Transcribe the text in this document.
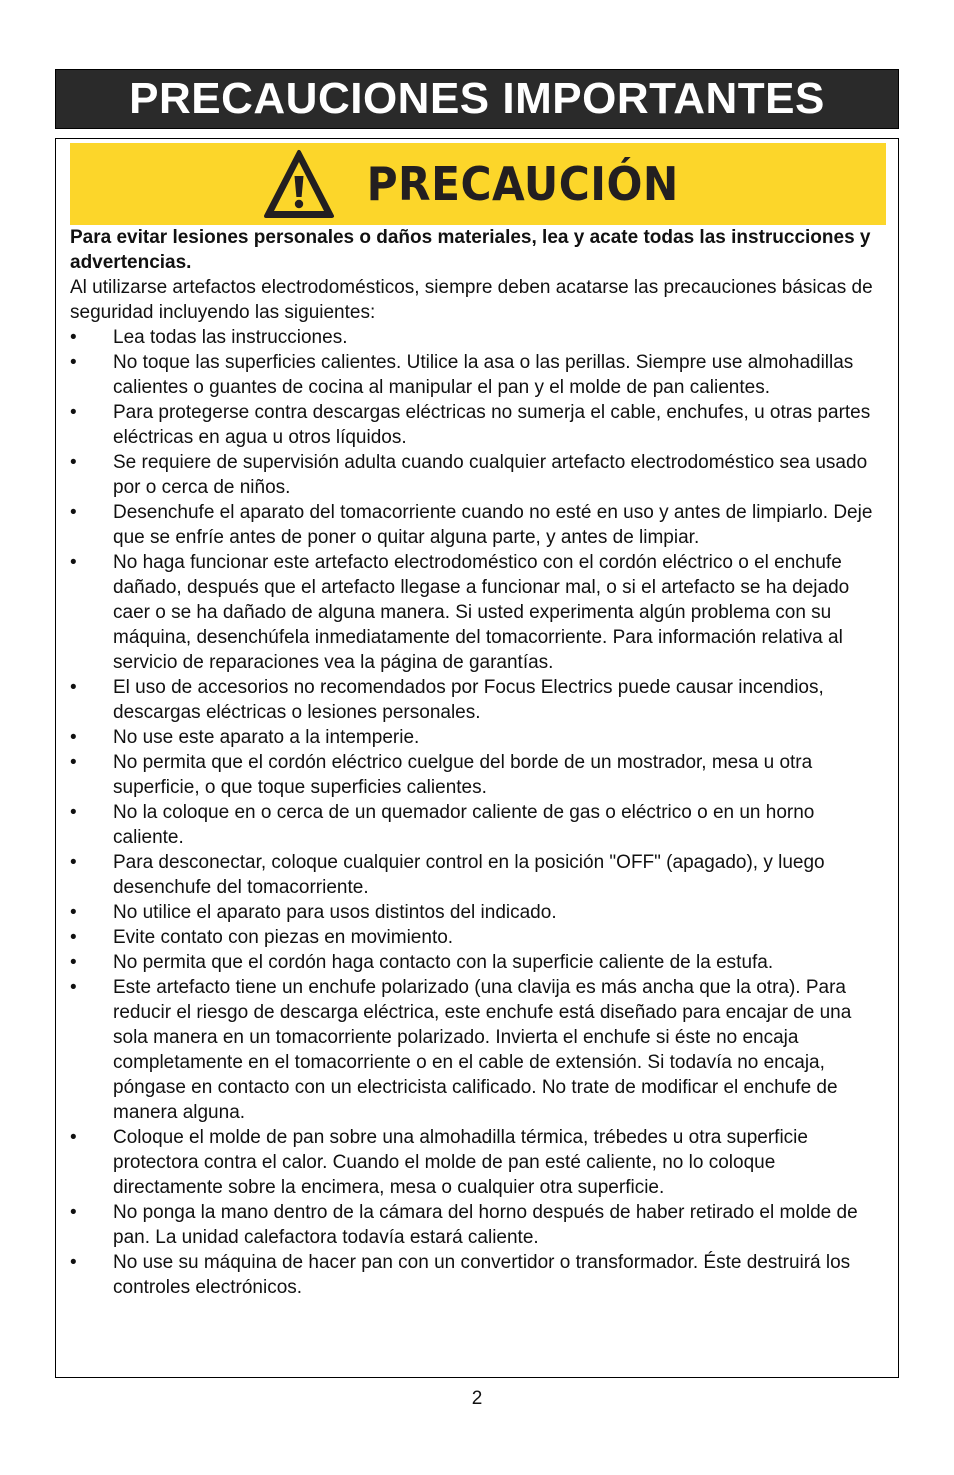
PRECAUCIONES IMPORTANTES
PRECAUCIÓN

Para evitar lesiones personales o daños materiales, lea y acate todas las instrucciones y advertencias.

Al utilizarse artefactos electrodomésticos, siempre deben acatarse las precauciones básicas de seguridad incluyendo las siguientes:

•	Lea todas las instrucciones.
•	No toque las superficies calientes. Utilice la asa o las perillas. Siempre use almohadillas calientes o guantes de cocina al manipular el pan y el molde de pan calientes.
•	Para protegerse contra descargas eléctricas no sumerja el cable, enchufes, u otras partes eléctricas en agua u otros líquidos.
•	Se requiere de supervisión adulta cuando cualquier artefacto electrodoméstico sea usado por o cerca de niños.
•	Desenchufe el aparato del tomacorriente cuando no esté en uso y antes de limpiarlo. Deje que se enfríe antes de poner o quitar alguna parte, y antes de limpiar.
•	No haga funcionar este artefacto electrodoméstico con el cordón eléctrico o el enchufe dañado, después que el artefacto llegase a funcionar mal, o si el artefacto se ha dejado caer o se ha dañado de alguna manera. Si usted experimenta algún problema con su máquina, desenchúfela inmediatamente del tomacorriente. Para información relativa al servicio de reparaciones vea la página de garantías.
•	El uso de accesorios no recomendados por Focus Electrics puede causar incendios, descargas eléctricas o lesiones personales.
•	No use este aparato a la intemperie.
•	No permita que el cordón eléctrico cuelgue del borde de un mostrador, mesa u otra superficie, o que toque superficies calientes.
•	No la coloque en o cerca de un quemador caliente de gas o eléctrico o en un horno caliente.
•	Para desconectar, coloque cualquier control en la posición "OFF" (apagado), y luego desenchufe del tomacorriente.
•	No utilice el aparato para usos distintos del indicado.
•	Evite contato con piezas en movimiento.
•	No permita que el cordón haga contacto con la superficie caliente de la estufa.
•	Este artefacto tiene un enchufe polarizado (una clavija es más ancha que la otra). Para reducir el riesgo de descarga eléctrica, este enchufe está diseñado para encajar de una sola manera en un tomacorriente polarizado. Invierta el enchufe si éste no encaja completamente en el tomacorriente o en el cable de extensión. Si todavía no encaja, póngase en contacto con un electricista calificado. No trate de modificar el enchufe de manera alguna.
•	Coloque el molde de pan sobre una almohadilla térmica, trébedes u otra superficie protectora contra el calor. Cuando el molde de pan esté caliente, no lo coloque directamente sobre la encimera, mesa o cualquier otra superficie.
•	No ponga la mano dentro de la cámara del horno después de haber retirado el molde de pan. La unidad calefactora todavía estará caliente.
•	No use su máquina de hacer pan con un convertidor o transformador. Éste destruirá los controles electrónicos.
2
